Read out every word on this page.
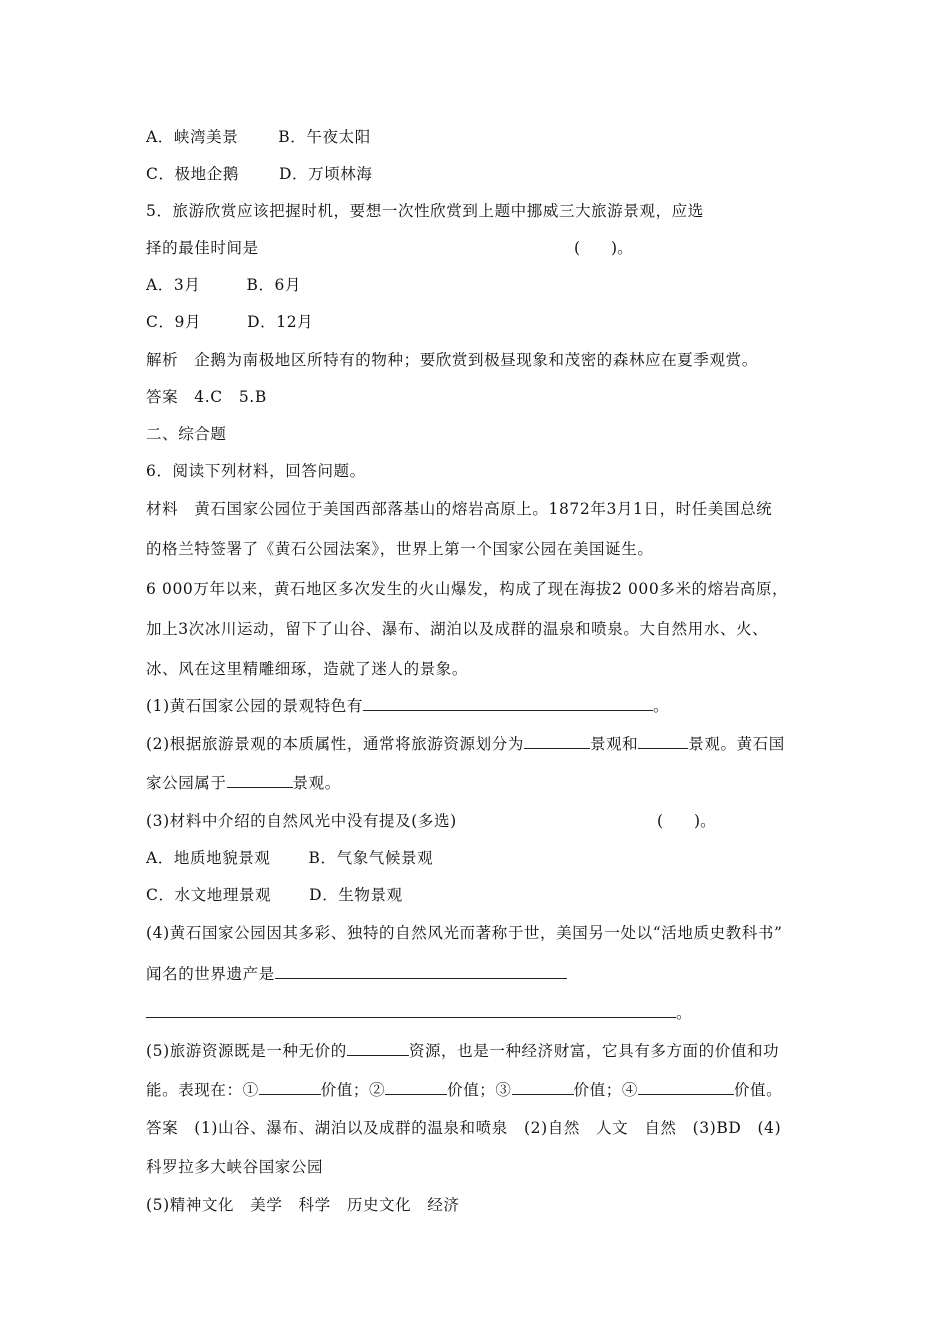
A．峡湾美景	B．午夜太阳
C．极地企鹅	D．万顷林海
5．旅游欣赏应该把握时机，要想一次性欣赏到上题中挪威三大旅游景观，应选
择的最佳时间是	(　　)。
A．3月	B．6月
C．9月	D．12月
解析　企鹅为南极地区所特有的物种；要欣赏到极昼现象和茂密的森林应在夏季观赏。
答案　4.C　5.B
二、综合题
6．阅读下列材料，回答问题。
材料　黄石国家公园位于美国西部落基山的熔岩高原上。1872年3月1日，时任美国总统
的格兰特签署了《黄石公园法案》，世界上第一个国家公园在美国诞生。
6 000万年以来，黄石地区多次发生的火山爆发，构成了现在海拔2 000多米的熔岩高原，
加上3次冰川运动，留下了山谷、瀑布、湖泊以及成群的温泉和喷泉。大自然用水、火、
冰、风在这里精雕细琢，造就了迷人的景象。
(1)黄石国家公园的景观特色有	。
(2)根据旅游景观的本质属性，通常将旅游资源划分为	景观和	景观。黄石国
家公园属于	景观。
(3)材料中介绍的自然风光中没有提及(多选)	(　　)。
A．地质地貌景观 B．气象气候景观
C．水文地理景观 D．生物景观
(4)黄石国家公园因其多彩、独特的自然风光而著称于世，美国另一处以“活地质史教科书”
闻名的世界遗产是
。
(5)旅游资源既是一种无价的	资源，也是一种经济财富，它具有多方面的价值和功
能。表现在：①	价值；②	价值；③	价值；④	价值。
答案　(1)山谷、瀑布、湖泊以及成群的温泉和喷泉　(2)自然　人文　自然　(3)BD　(4)
科罗拉多大峡谷国家公园
(5)精神文化　美学　科学　历史文化　经济
